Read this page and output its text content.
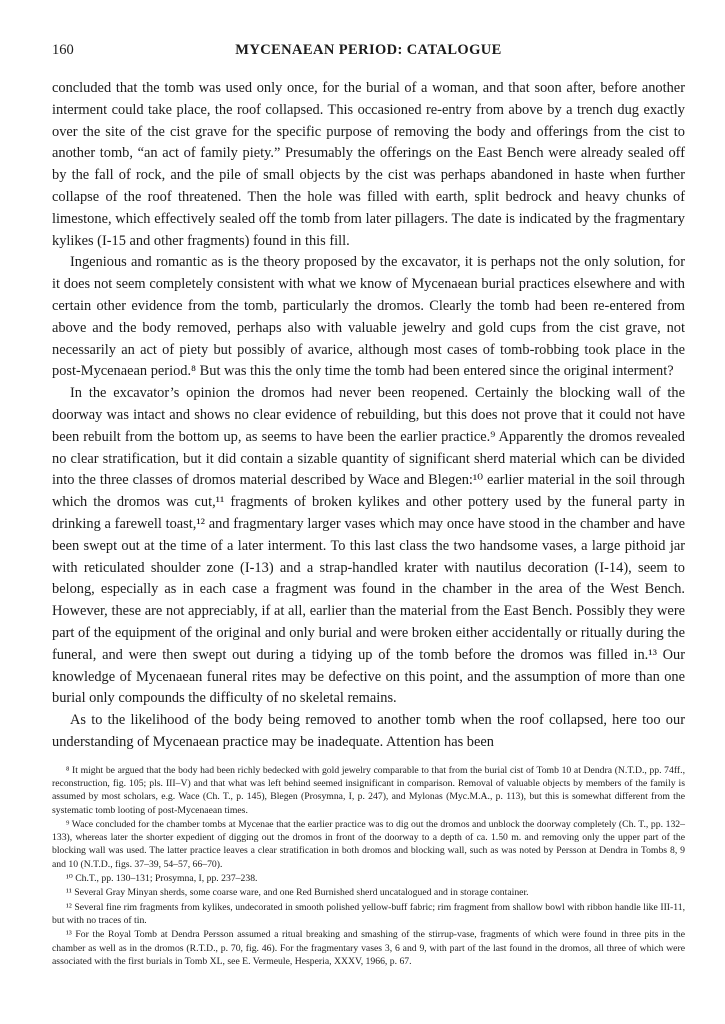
160	MYCENAEAN PERIOD: CATALOGUE

concluded that the tomb was used only once, for the burial of a woman, and that soon after, before another interment could take place, the roof collapsed. This occasioned re-entry from above by a trench dug exactly over the site of the cist grave for the specific purpose of removing the body and offerings from the cist to another tomb, “an act of family piety.” Presumably the offerings on the East Bench were already sealed off by the fall of rock, and the pile of small objects by the cist was perhaps abandoned in haste when further collapse of the roof threatened. Then the hole was filled with earth, split bedrock and heavy chunks of limestone, which effectively sealed off the tomb from later pillagers. The date is indicated by the fragmentary kylikes (I-15 and other fragments) found in this fill.

Ingenious and romantic as is the theory proposed by the excavator, it is perhaps not the only solution, for it does not seem completely consistent with what we know of Mycenaean burial practices elsewhere and with certain other evidence from the tomb, particularly the dromos. Clearly the tomb had been re-entered from above and the body removed, perhaps also with valuable jewelry and gold cups from the cist grave, not necessarily an act of piety but possibly of avarice, although most cases of tomb-robbing took place in the post-Mycenaean period.⁸ But was this the only time the tomb had been entered since the original interment?

In the excavator’s opinion the dromos had never been reopened. Certainly the blocking wall of the doorway was intact and shows no clear evidence of rebuilding, but this does not prove that it could not have been rebuilt from the bottom up, as seems to have been the earlier practice.⁹ Apparently the dromos revealed no clear stratification, but it did contain a sizable quantity of significant sherd material which can be divided into the three classes of dromos material described by Wace and Blegen:¹⁰ earlier material in the soil through which the dromos was cut,¹¹ fragments of broken kylikes and other pottery used by the funeral party in drinking a farewell toast,¹² and fragmentary larger vases which may once have stood in the chamber and have been swept out at the time of a later interment. To this last class the two handsome vases, a large pithoid jar with reticulated shoulder zone (I-13) and a strap-handled krater with nautilus decoration (I-14), seem to belong, especially as in each case a fragment was found in the chamber in the area of the West Bench. However, these are not appreciably, if at all, earlier than the material from the East Bench. Possibly they were part of the equipment of the original and only burial and were broken either accidentally or ritually during the funeral, and were then swept out during a tidying up of the tomb before the dromos was filled in.¹³ Our knowledge of Mycenaean funeral rites may be defective on this point, and the assumption of more than one burial only compounds the difficulty of no skeletal remains.

As to the likelihood of the body being removed to another tomb when the roof collapsed, here too our understanding of Mycenaean practice may be inadequate. Attention has been

⁸ It might be argued that the body had been richly bedecked with gold jewelry comparable to that from the burial cist of Tomb 10 at Dendra (N.T.D., pp. 74ff., reconstruction, fig. 105; pls. III–V) and that what was left behind seemed insignificant in comparison. Removal of valuable objects by members of the family is assumed by most scholars, e.g. Wace (Ch. T., p. 145), Blegen (Prosymna, I, p. 247), and Mylonas (Myc.M.A., p. 113), but this is somewhat different from the systematic tomb looting of post-Mycenaean times.

⁹ Wace concluded for the chamber tombs at Mycenae that the earlier practice was to dig out the dromos and unblock the doorway completely (Ch. T., pp. 132–133), whereas later the shorter expedient of digging out the dromos in front of the doorway to a depth of ca. 1.50 m. and removing only the upper part of the blocking wall was used. The latter practice leaves a clear stratification in both dromos and blocking wall, such as was noted by Persson at Dendra in Tombs 8, 9 and 10 (N.T.D., figs. 37–39, 54–57, 66–70).

¹⁰ Ch.T., pp. 130–131; Prosymna, I, pp. 237–238.

¹¹ Several Gray Minyan sherds, some coarse ware, and one Red Burnished sherd uncatalogued and in storage container.

¹² Several fine rim fragments from kylikes, undecorated in smooth polished yellow-buff fabric; rim fragment from shallow bowl with ribbon handle like III-11, but with no traces of tin.

¹³ For the Royal Tomb at Dendra Persson assumed a ritual breaking and smashing of the stirrup-vase, fragments of which were found in three pits in the chamber as well as in the dromos (R.T.D., p. 70, fig. 46). For the fragmentary vases 3, 6 and 9, with part of the last found in the dromos, all three of which were associated with the first burials in Tomb XL, see E. Vermeule, Hesperia, XXXV, 1966, p. 67.
